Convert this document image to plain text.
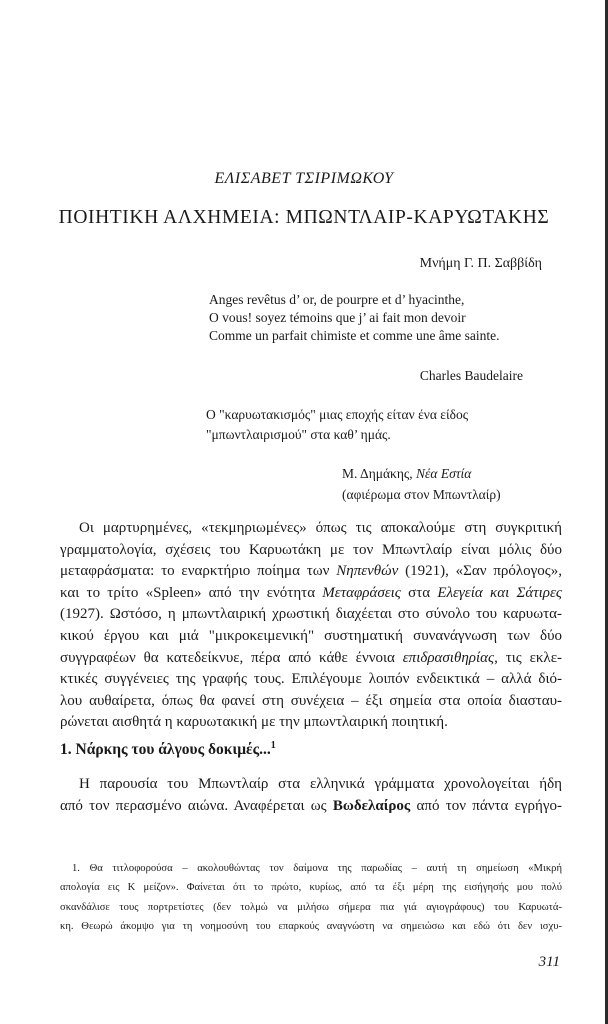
ΕΛΙΣΑΒΕΤ ΤΣΙΡΙΜΩΚΟΥ
ΠΟΙΗΤΙΚΗ ΑΛΧΗΜΕΙΑ: ΜΠΩΝΤΛΑΙΡ-ΚΑΡΥΩΤΑΚΗΣ
Μνήμη Γ. Π. Σαββίδη
Anges revêtus d’ or, de pourpre et d’ hyacinthe,
O vous! soyez témoins que j’ ai fait mon devoir
Comme un parfait chimiste et comme une âme sainte.
Charles Baudelaire
Ο "καρυωτακισμός" μιας εποχής είταν ένα είδος
"μπωντλαιρισμού" στα καθ’ ημάς.
Μ. Δημάκης, Νέα Εστία
(αφιέρωμα στον Μπωντλαίρ)
Οι μαρτυρημένες, «τεκμηριωμένες» όπως τις αποκαλούμε στη συγκριτική
γραμματολογία, σχέσεις του Καρυωτάκη με τον Μπωντλαίρ είναι μόλις δύο
μεταφράσματα: το εναρκτήριο ποίημα των Νηπενθών (1921), «Σαν πρόλογος»,
και το τρίτο «Spleen» από την ενότητα Μεταφράσεις στα Ελεγεία και Σάτιρες
(1927). Ωστόσο, η μπωντλαιρική χρωστική διαχέεται στο σύνολο του καρυωτα-
κικού έργου και μιά "μικροκειμενική" συστηματική συνανάγνωση των δύο
συγγραφέων θα κατεδείκνυε, πέρα από κάθε έννοια επιδρασιθηρίας, τις εκλε-
κτικές συγγένειες της γραφής τους. Επιλέγουμε λοιπόν ενδεικτικά – αλλά διό-
λου αυθαίρετα, όπως θα φανεί στη συνέχεια – έξι σημεία στα οποία διασταυ-
ρώνεται αισθητά η καρυωτακική με την μπωντλαιρική ποιητική.
1. Νάρκης του άλγους δοκιμές...$^1$
Η παρουσία του Μπωντλαίρ στα ελληνικά γράμματα χρονολογείται ήδη
από τον περασμένο αιώνα. Αναφέρεται ως Βωδελαίρος από τον πάντα εγρήγο-
1. Θα τιτλοφορούσα – ακολουθώντας τον δαίμονα της παρωδίας – αυτή τη σημείωση «Μικρή
απολογία εις Κ μείζον». Φαίνεται ότι το πρώτο, κυρίως, από τα έξι μέρη της εισήγησής μου πολύ
σκανδάλισε τους πορτρετίστες (δεν τολμώ να μιλήσω σήμερα πια γιά αγιογράφους) του Καρυωτά-
κη. Θεωρώ άκομψο για τη νοημοσύνη του επαρκούς αναγνώστη να σημειώσω και εδώ ότι δεν ισχυ-
311
